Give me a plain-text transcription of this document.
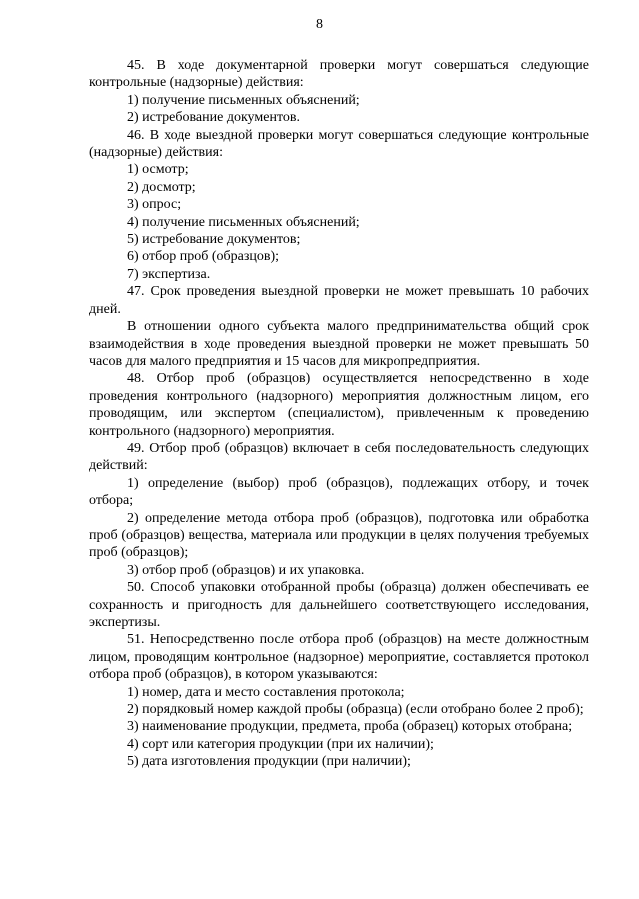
8

45. В ходе документарной проверки могут совершаться следующие контрольные (надзорные) действия:

1) получение письменных объяснений;

2) истребование документов.

46. В ходе выездной проверки могут совершаться следующие контрольные (надзорные) действия:

1) осмотр;

2) досмотр;

3) опрос;

4) получение письменных объяснений;

5) истребование документов;

6) отбор проб (образцов);

7) экспертиза.

47. Срок проведения выездной проверки не может превышать 10 рабочих дней.

В отношении одного субъекта малого предпринимательства общий срок взаимодействия в ходе проведения выездной проверки не может превышать 50 часов для малого предприятия и 15 часов для микропредприятия.

48. Отбор проб (образцов) осуществляется непосредственно в ходе проведения контрольного (надзорного) мероприятия должностным лицом, его проводящим, или экспертом (специалистом), привлеченным к проведению контрольного (надзорного) мероприятия.

49. Отбор проб (образцов) включает в себя последовательность следующих действий:

1) определение (выбор) проб (образцов), подлежащих отбору, и точек отбора;

2) определение метода отбора проб (образцов), подготовка или обработка проб (образцов) вещества, материала или продукции в целях получения требуемых проб (образцов);

3) отбор проб (образцов) и их упаковка.

50. Способ упаковки отобранной пробы (образца) должен обеспечивать ее сохранность и пригодность для дальнейшего соответствующего исследования, экспертизы.

51. Непосредственно после отбора проб (образцов) на месте должностным лицом, проводящим контрольное (надзорное) мероприятие, составляется протокол отбора проб (образцов), в котором указываются:

1) номер, дата и место составления протокола;

2) порядковый номер каждой пробы (образца) (если отобрано более 2 проб);

3) наименование продукции, предмета, проба (образец) которых отобрана;

4) сорт или категория продукции (при их наличии);

5) дата изготовления продукции (при наличии);
